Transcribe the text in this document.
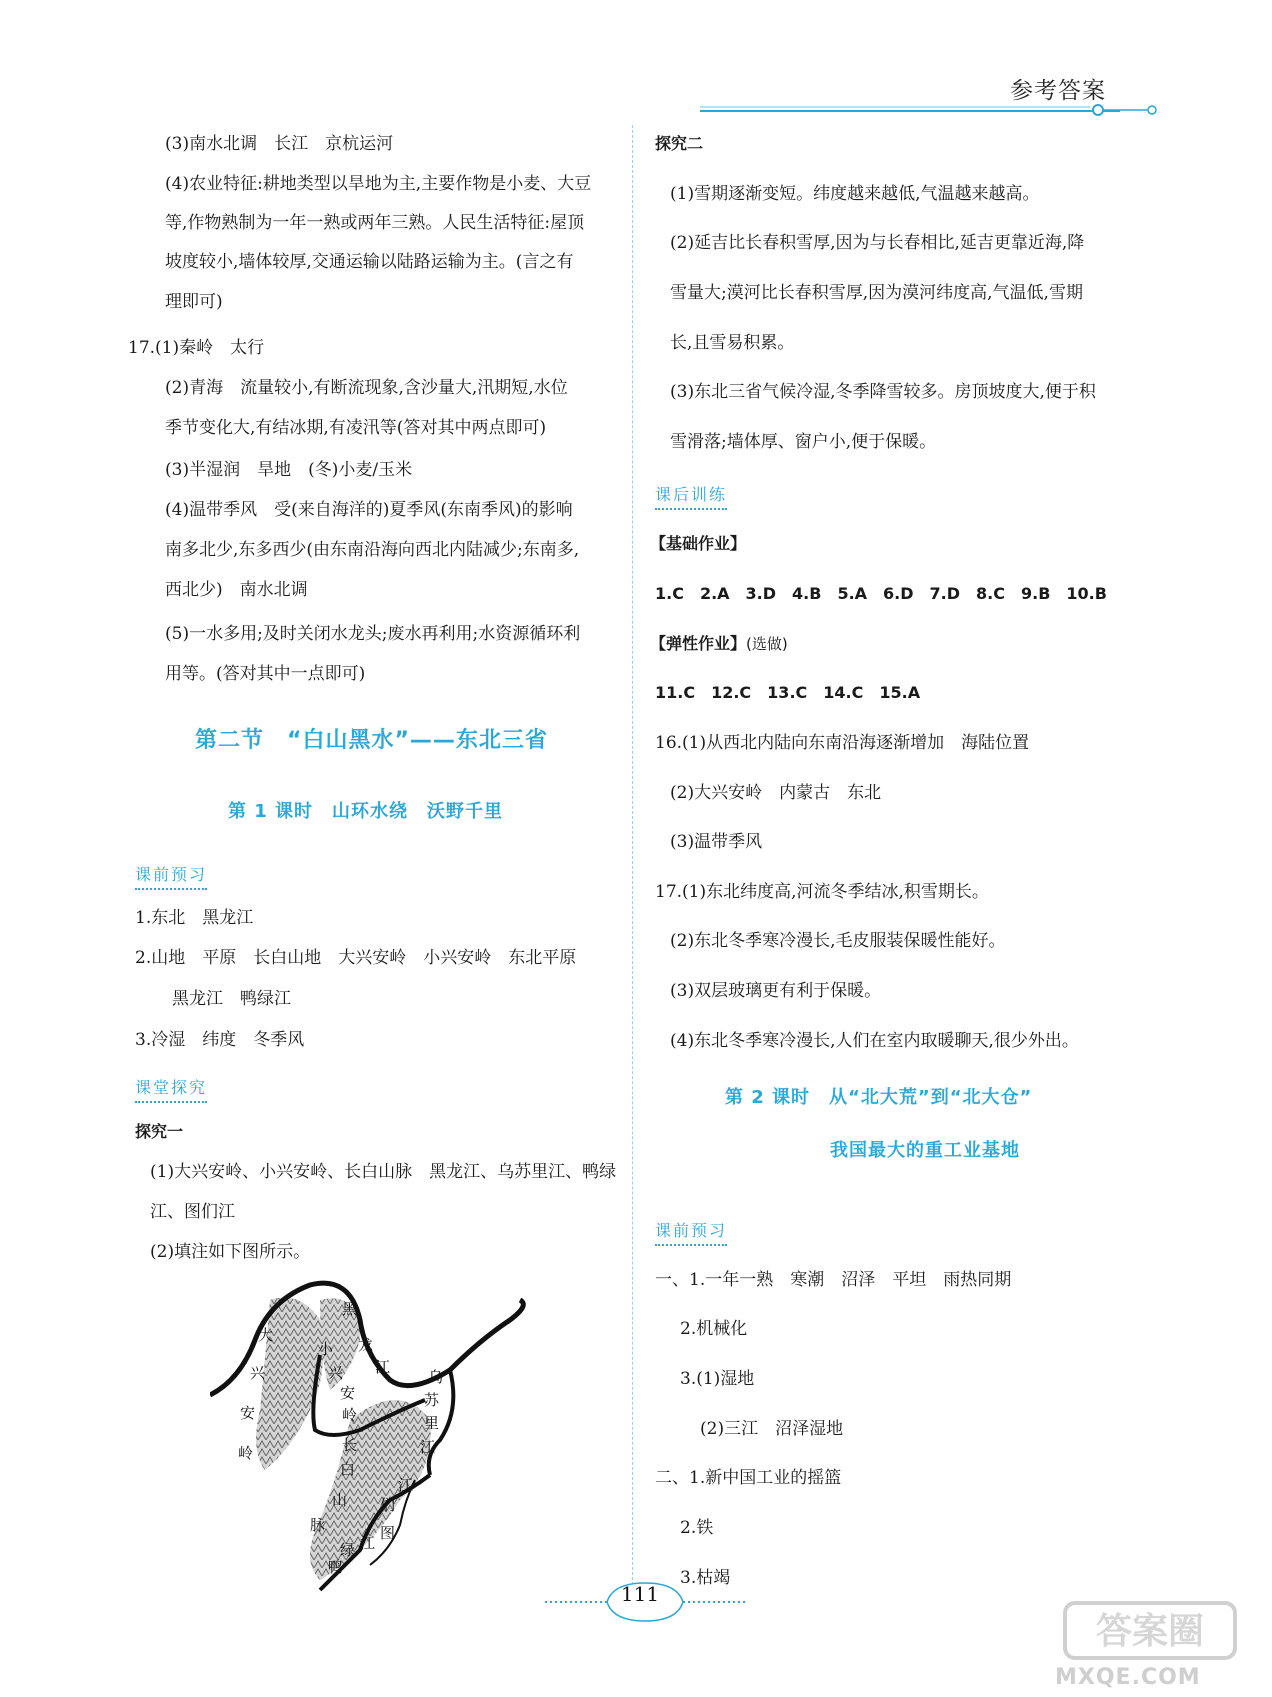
参考答案
(3)南水北调　长江　京杭运河
(4)农业特征:耕地类型以旱地为主,主要作物是小麦、大豆
等,作物熟制为一年一熟或两年三熟。人民生活特征:屋顶
坡度较小,墙体较厚,交通运输以陆路运输为主。(言之有
理即可)
17.(1)秦岭　太行
(2)青海　流量较小,有断流现象,含沙量大,汛期短,水位
季节变化大,有结冰期,有凌汛等(答对其中两点即可)
(3)半湿润　旱地　(冬)小麦/玉米
(4)温带季风　受(来自海洋的)夏季风(东南季风)的影响
南多北少,东多西少(由东南沿海向西北内陆减少;东南多,
西北少)　南水北调
(5)一水多用;及时关闭水龙头;废水再利用;水资源循环利
用等。(答对其中一点即可)
第二节　“白山黑水”——东北三省
第 1 课时　山环水绕　沃野千里
课前预习
1.东北　黑龙江
2.山地　平原　长白山地　大兴安岭　小兴安岭　东北平原
黑龙江　鸭绿江
3.冷湿　纬度　冬季风
课堂探究
探究一
(1)大兴安岭、小兴安岭、长白山脉　黑龙江、乌苏里江、鸭绿
江、图们江
(2)填注如下图所示。
大
兴
安
岭
小
兴
安
岭
黑
龙
江
乌
苏
里
江
长
白
山
脉
江
们
图
鸭
绿 江
探究二
(1)雪期逐渐变短。纬度越来越低,气温越来越高。
(2)延吉比长春积雪厚,因为与长春相比,延吉更靠近海,降
雪量大;漠河比长春积雪厚,因为漠河纬度高,气温低,雪期
长,且雪易积累。
(3)东北三省气候冷湿,冬季降雪较多。房顶坡度大,便于积
雪滑落;墙体厚、窗户小,便于保暖。
课后训练
【基础作业】
1.C　2.A　3.D　4.B　5.A　6.D　7.D　8.C　9.B　10.B
【弹性作业】(选做)
11.C　12.C　13.C　14.C　15.A
16.(1)从西北内陆向东南沿海逐渐增加　海陆位置
(2)大兴安岭　内蒙古　东北
(3)温带季风
17.(1)东北纬度高,河流冬季结冰,积雪期长。
(2)东北冬季寒冷漫长,毛皮服装保暖性能好。
(3)双层玻璃更有利于保暖。
(4)东北冬季寒冷漫长,人们在室内取暖聊天,很少外出。
第 2 课时　从“北大荒”到“北大仓”
我国最大的重工业基地
课前预习
一、1.一年一熟　寒潮　沼泽　平坦　雨热同期
2.机械化
3.(1)湿地
(2)三江　沼泽湿地
二、1.新中国工业的摇篮
2.铁
3.枯竭
111
答案圈
MXQE.COM
